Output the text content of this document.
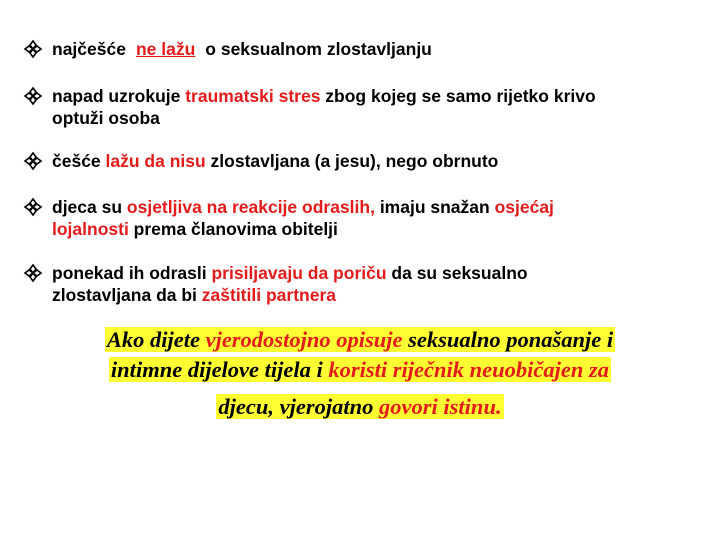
najčešće ne lažu o seksualnom zlostavljanju
napad uzrokuje traumatski stres zbog kojeg se samo rijetko krivo
optuži osoba
češće lažu da nisu zlostavljana (a jesu), nego obrnuto
djeca su osjetljiva na reakcije odraslih, imaju snažan osjećaj
lojalnosti prema članovima obitelji
ponekad ih odrasli prisiljavaju da poriču da su seksualno
zlostavljana da bi zaštitili partnera
Ako dijete vjerodostojno opisuje seksualno ponašanje i
intimne dijelove tijela i koristi riječnik neuobičajen za
djecu, vjerojatno govori istinu.
